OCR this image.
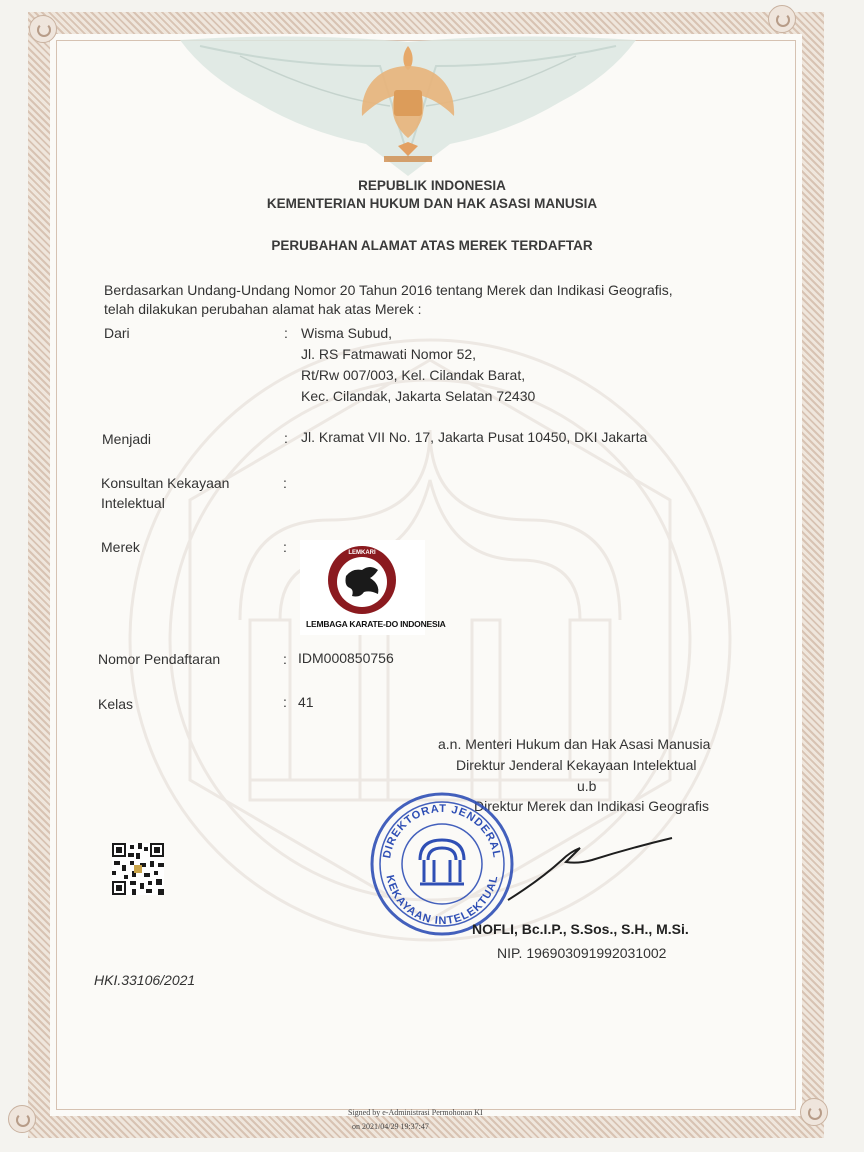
REPUBLIK INDONESIA
KEMENTERIAN HUKUM DAN HAK ASASI MANUSIA
PERUBAHAN ALAMAT ATAS MEREK TERDAFTAR
Berdasarkan Undang-Undang Nomor 20 Tahun 2016 tentang Merek dan Indikasi Geografis,
telah dilakukan perubahan alamat hak atas Merek :
Dari	: Wisma Subud,
Jl. RS Fatmawati Nomor 52,
Rt/Rw 007/003, Kel. Cilandak Barat,
Kec. Cilandak, Jakarta Selatan 72430
Menjadi	: Jl. Kramat VII No. 17, Jakarta Pusat 10450, DKI Jakarta
Konsultan Kekayaan
Intelektual
:
Merek	:	LEMKARI
LEMBAGA KARATE-DO INDONESIA
Nomor Pendaftaran	: IDM000850756
Kelas	: 41
a.n. Menteri Hukum dan Hak Asasi Manusia
Direktur Jenderal Kekayaan Intelektual
u.b
Direktur Merek dan Indikasi Geografis
DIREKTORAT JENDERAL
KEKAYAAN INTELEKTUAL
NOFLI, Bc.I.P., S.Sos., S.H., M.Si.
NIP. 196903091992031002
HKI.33106/2021
Signed by e-Administrasi Permohonan KI
on 2021/04/29 19:37:47
